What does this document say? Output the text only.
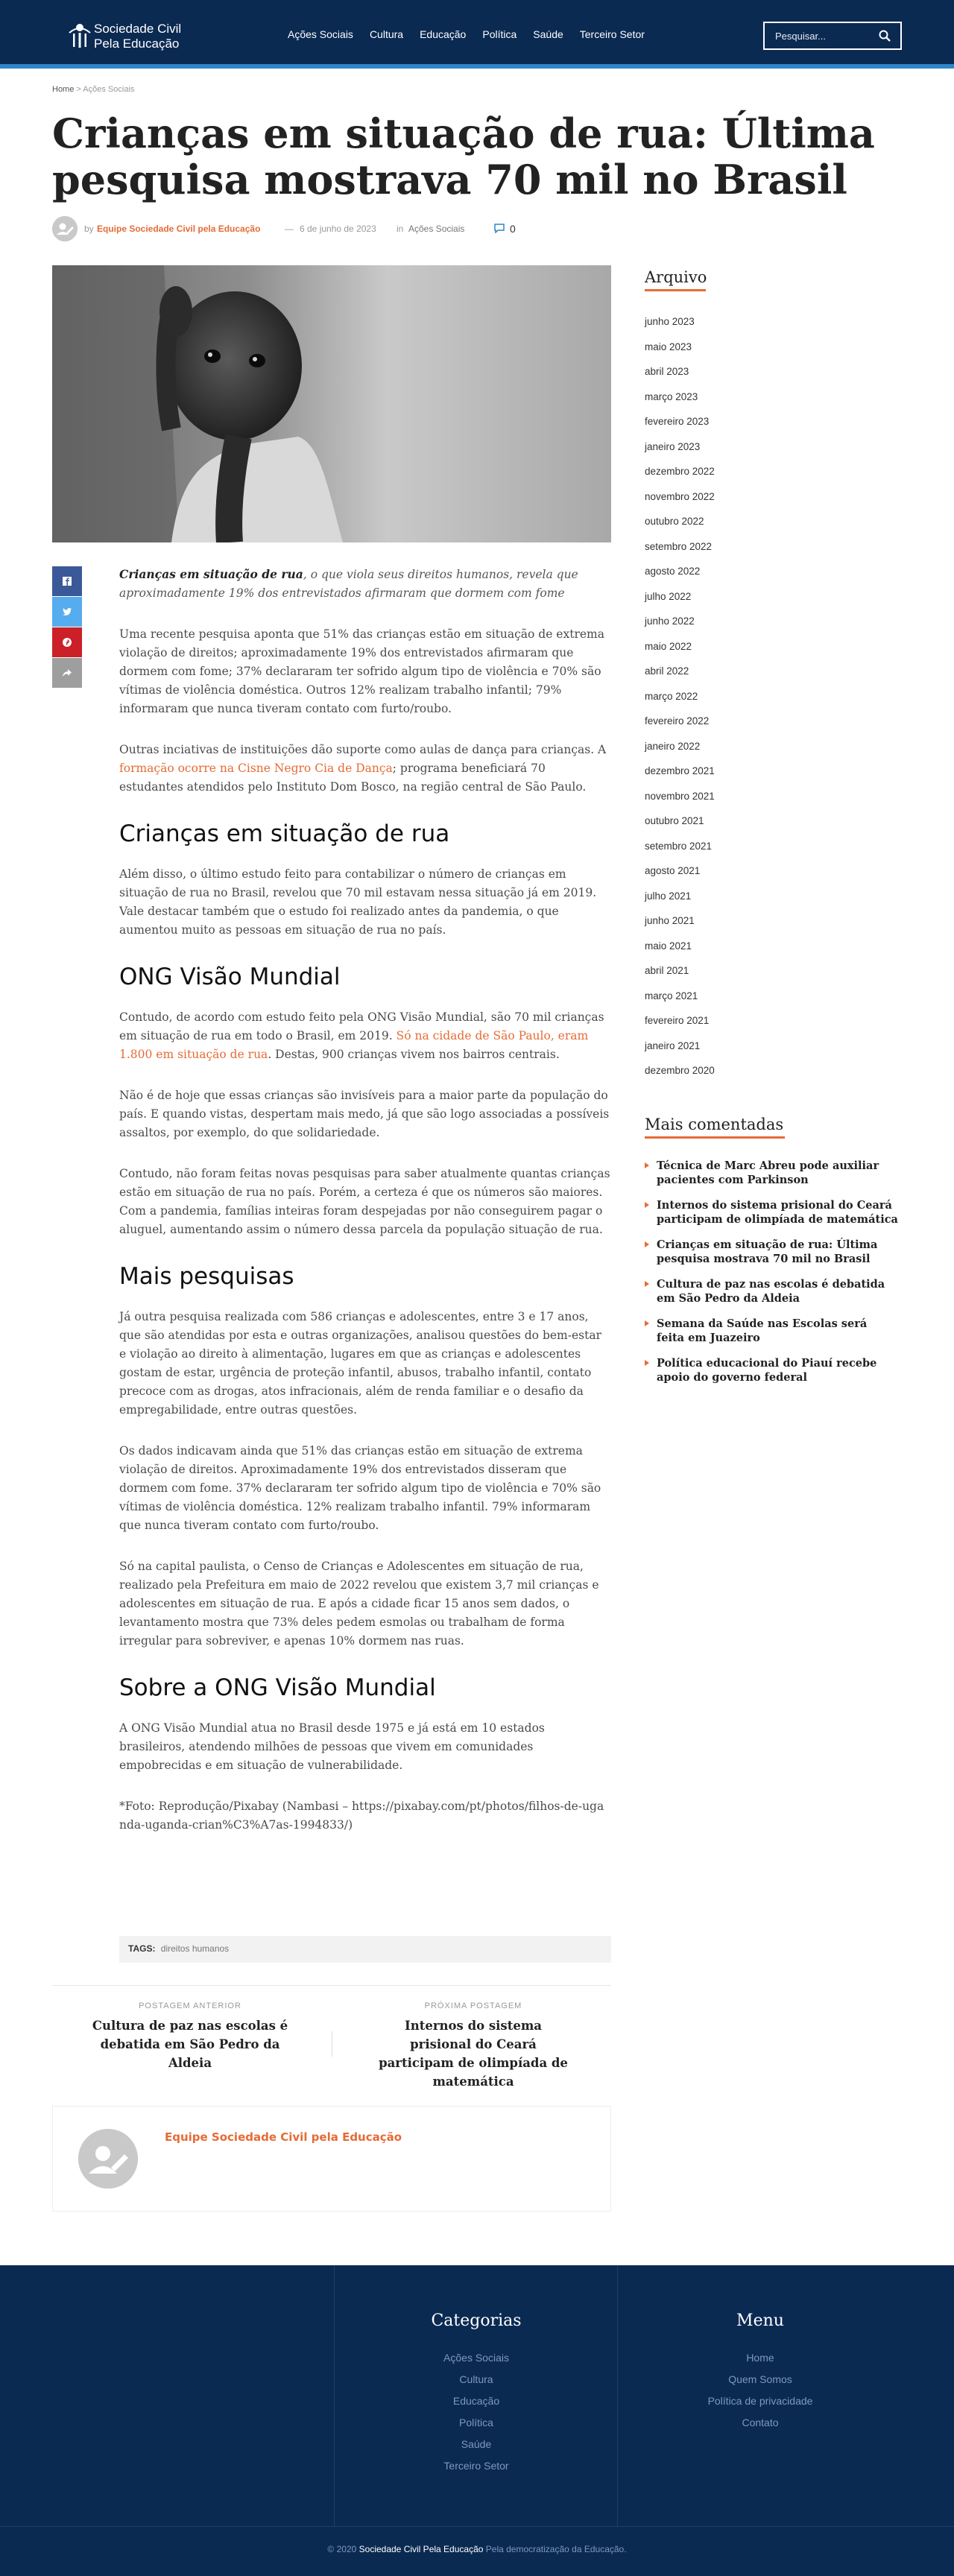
Sociedade Civil
Pela Educação
Ações Sociais Cultura Educação Política Saúde Terceiro Setor
Pesquisar...
Home > Ações Sociais
Crianças em situação de rua: Última pesquisa mostrava 70 mil no Brasil
by Equipe Sociedade Civil pela Educação	— 6 de junho de 2023 in Ações Sociais	0

Crianças em situação de rua, o que viola seus direitos humanos, revela que aproximadamente 19% dos entrevistados afirmaram que dormem com fome

Uma recente pesquisa aponta que 51% das crianças estão em situação de extrema violação de direitos; aproximadamente 19% dos entrevistados afirmaram que dormem com fome; 37% declararam ter sofrido algum tipo de violência e 70% são vítimas de violência doméstica. Outros 12% realizam trabalho infantil; 79% informaram que nunca tiveram contato com furto/roubo.

Outras inciativas de instituições dão suporte como aulas de dança para crianças. A formação ocorre na Cisne Negro Cia de Dança; programa beneficiará 70 estudantes atendidos pelo Instituto Dom Bosco, na região central de São Paulo.

Crianças em situação de rua

Além disso, o último estudo feito para contabilizar o número de crianças em situação de rua no Brasil, revelou que 70 mil estavam nessa situação já em 2019. Vale destacar também que o estudo foi realizado antes da pandemia, o que aumentou muito as pessoas em situação de rua no país.

ONG Visão Mundial

Contudo, de acordo com estudo feito pela ONG Visão Mundial, são 70 mil crianças em situação de rua em todo o Brasil, em 2019. Só na cidade de São Paulo, eram 1.800 em situação de rua. Destas, 900 crianças vivem nos bairros centrais.

Não é de hoje que essas crianças são invisíveis para a maior parte da população do país. E quando vistas, despertam mais medo, já que são logo associadas a possíveis assaltos, por exemplo, do que solidariedade.

Contudo, não foram feitas novas pesquisas para saber atualmente quantas crianças estão em situação de rua no país. Porém, a certeza é que os números são maiores. Com a pandemia, famílias inteiras foram despejadas por não conseguirem pagar o aluguel, aumentando assim o número dessa parcela da população situação de rua.

Mais pesquisas

Já outra pesquisa realizada com 586 crianças e adolescentes, entre 3 e 17 anos, que são atendidas por esta e outras organizações, analisou questões do bem-estar e violação ao direito à alimentação, lugares em que as crianças e adolescentes gostam de estar, urgência de proteção infantil, abusos, trabalho infantil, contato precoce com as drogas, atos infracionais, além de renda familiar e o desafio da empregabilidade, entre outras questões.

Os dados indicavam ainda que 51% das crianças estão em situação de extrema violação de direitos. Aproximadamente 19% dos entrevistados disseram que dormem com fome. 37% declararam ter sofrido algum tipo de violência e 70% são vítimas de violência doméstica. 12% realizam trabalho infantil. 79% informaram que nunca tiveram contato com furto/roubo.

Só na capital paulista, o Censo de Crianças e Adolescentes em situação de rua, realizado pela Prefeitura em maio de 2022 revelou que existem 3,7 mil crianças e adolescentes em situação de rua. E após a cidade ficar 15 anos sem dados, o levantamento mostra que 73% deles pedem esmolas ou trabalham de forma irregular para sobreviver, e apenas 10% dormem nas ruas.

Sobre a ONG Visão Mundial

A ONG Visão Mundial atua no Brasil desde 1975 e já está em 10 estados brasileiros, atendendo milhões de pessoas que vivem em comunidades empobrecidas e em situação de vulnerabilidade.

*Foto: Reprodução/Pixabay (Nambasi – https://pixabay.com/pt/photos/filhos-de-uganda-uganda-crian%C3%A7as-1994833/)

TAGS: direitos humanos
POSTAGEM ANTERIOR
Cultura de paz nas escolas é debatida em São Pedro da Aldeia
PRÓXIMA POSTAGEM
Internos do sistema prisional do Ceará participam de olimpíada de matemática
Equipe Sociedade Civil pela Educação
Arquivo
junho 2023
maio 2023
abril 2023
março 2023
fevereiro 2023
janeiro 2023
dezembro 2022
novembro 2022
outubro 2022
setembro 2022
agosto 2022
julho 2022
junho 2022
maio 2022
abril 2022
março 2022
fevereiro 2022
janeiro 2022
dezembro 2021
novembro 2021
outubro 2021
setembro 2021
agosto 2021
julho 2021
junho 2021
maio 2021
abril 2021
março 2021
fevereiro 2021
janeiro 2021
dezembro 2020
Mais comentadas
Técnica de Marc Abreu pode auxiliar pacientes com Parkinson
Internos do sistema prisional do Ceará participam de olimpíada de matemática
Crianças em situação de rua: Última pesquisa mostrava 70 mil no Brasil
Cultura de paz nas escolas é debatida em São Pedro da Aldeia
Semana da Saúde nas Escolas será feita em Juazeiro
Política educacional do Piauí recebe apoio do governo federal
Categorias
Ações Sociais
Cultura
Educação
Política
Saúde
Terceiro Setor
Menu
Home
Quem Somos
Política de privacidade
Contato
© 2020 Sociedade Civil Pela Educação Pela democratização da Educação.
